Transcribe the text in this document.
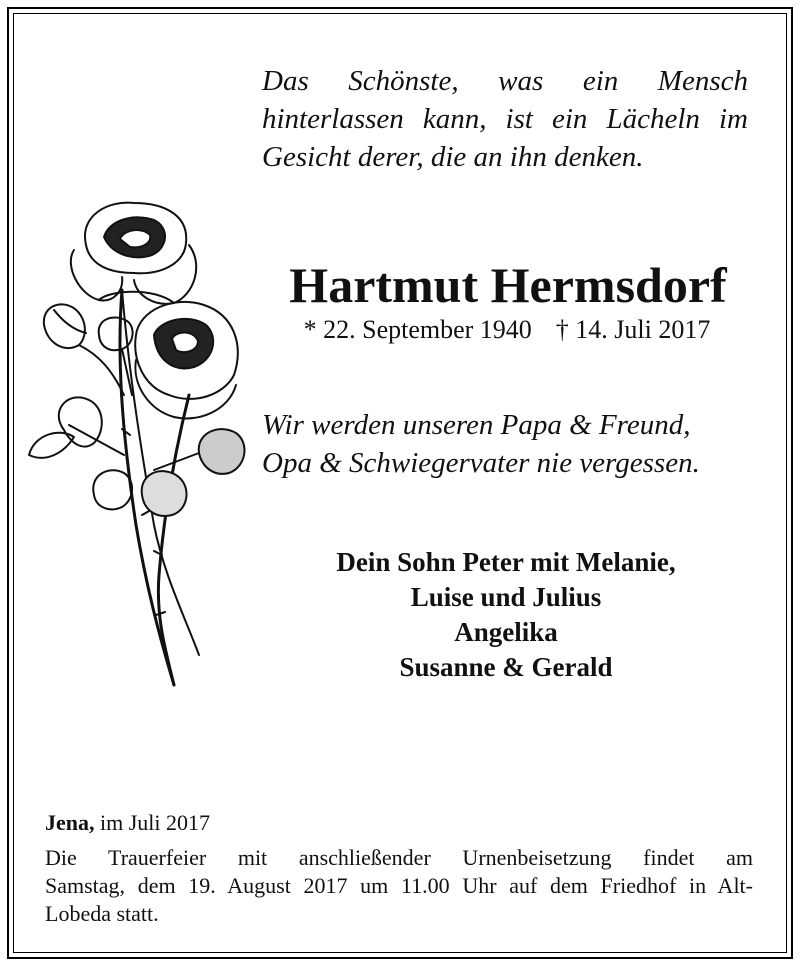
Das Schönste, was ein Mensch
hinterlassen kann, ist ein Lächeln im
Gesicht derer, die an ihn denken.
Hartmut Hermsdorf
* 22. September 1940 † 14. Juli 2017
Wir werden unseren Papa & Freund,
Opa & Schwiegervater nie vergessen.
Dein Sohn Peter mit Melanie,
Luise und Julius
Angelika
Susanne & Gerald
Jena, im Juli 2017
Die Trauerfeier mit anschließender Urnenbeisetzung findet am
Samstag, dem 19. August 2017 um 11.00 Uhr auf dem Friedhof in Alt-
Lobeda statt.
